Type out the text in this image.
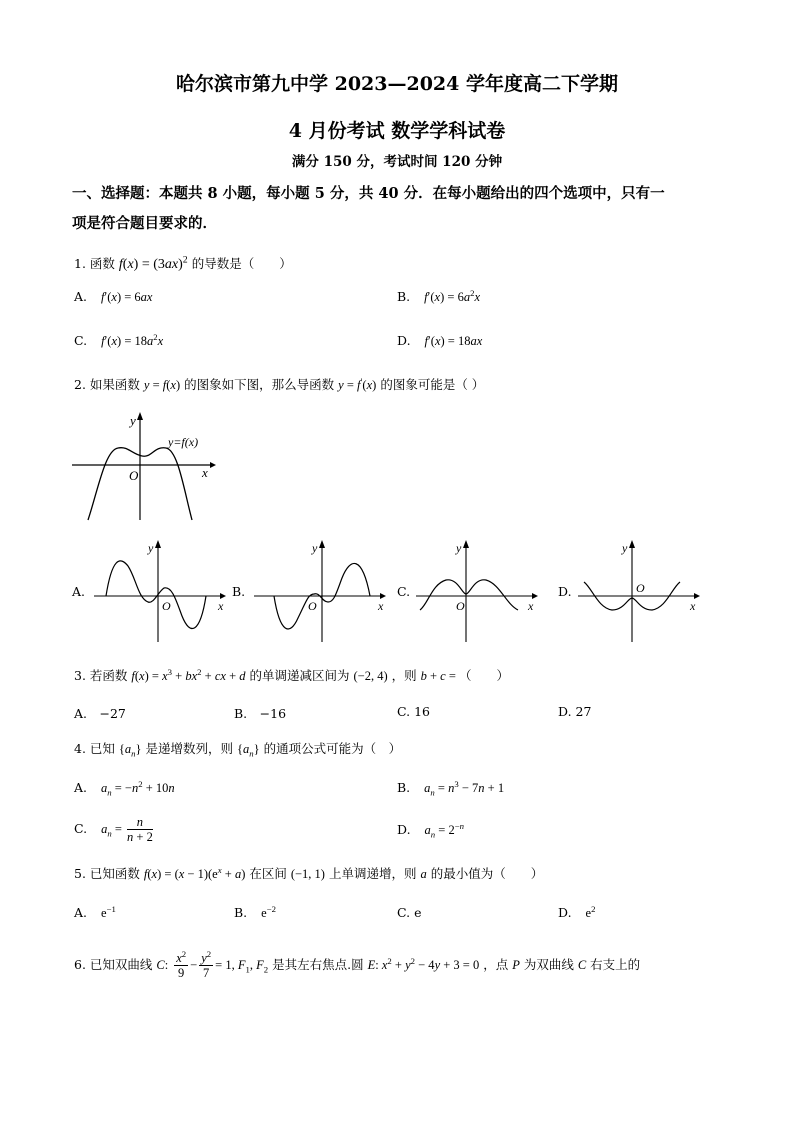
哈尔滨市第九中学 2023—2024 学年度高二下学期
4 月份考试 数学学科试卷
满分 150 分，考试时间 120 分钟
一、选择题：本题共 8 小题，每小题 5 分，共 40 分．在每小题给出的四个选项中，只有一
项是符合题目要求的．
1. 函数 $f(x) = (3ax)^2$ 的导数是（　　）
A. f′(x) = 6ax	B. $f'(x) = 6a^2x$
C. $f'(x) = 18a^2x$	D. f′(x) = 18ax
2. 如果函数 y = f(x) 的图象如下图，那么导函数 y = f′(x) 的图象可能是（ ）
y
x
O
y=f(x)
A.
y
x
O
B.
y
x
O
C.
y
x
O
D.
y
x
O
3. 若函数 $f(x) = x^3 + bx^2$ + cx + d 的单调递减区间为 (−2, 4) ，则 b + c = （　　）
A.　−27	B.　−16	C. 16	D. 27
4. 已知 $\{a_n\}$ 是递增数列，则 $\{a_n\}$ 的通项公式可能为（　）
A. $a_n = -n^2 + 10n$	B. $a_n = n^3 - 7n + 1$
C. $a_n = \frac{n}{n + 2}$	D. $a_n = 2^{-n}$
5. 已知函数 $f(x) = (x - 1)(e^x + a)$ 在区间 (−1, 1) 上单调递增，则 a 的最小值为（　　）
A. $e^{-1}$	B. $e^{-2}$	C. e	D. $e^2$
6. 已知双曲线 C: $\frac{x^2}{9} - \frac{y^2}{7} = 1$, $F_1$, $F_2$ 是其左右焦点.圆 E: $x^2 + y^2 - 4y + 3 = 0$ ，点 P 为双曲线 C 右支上的
